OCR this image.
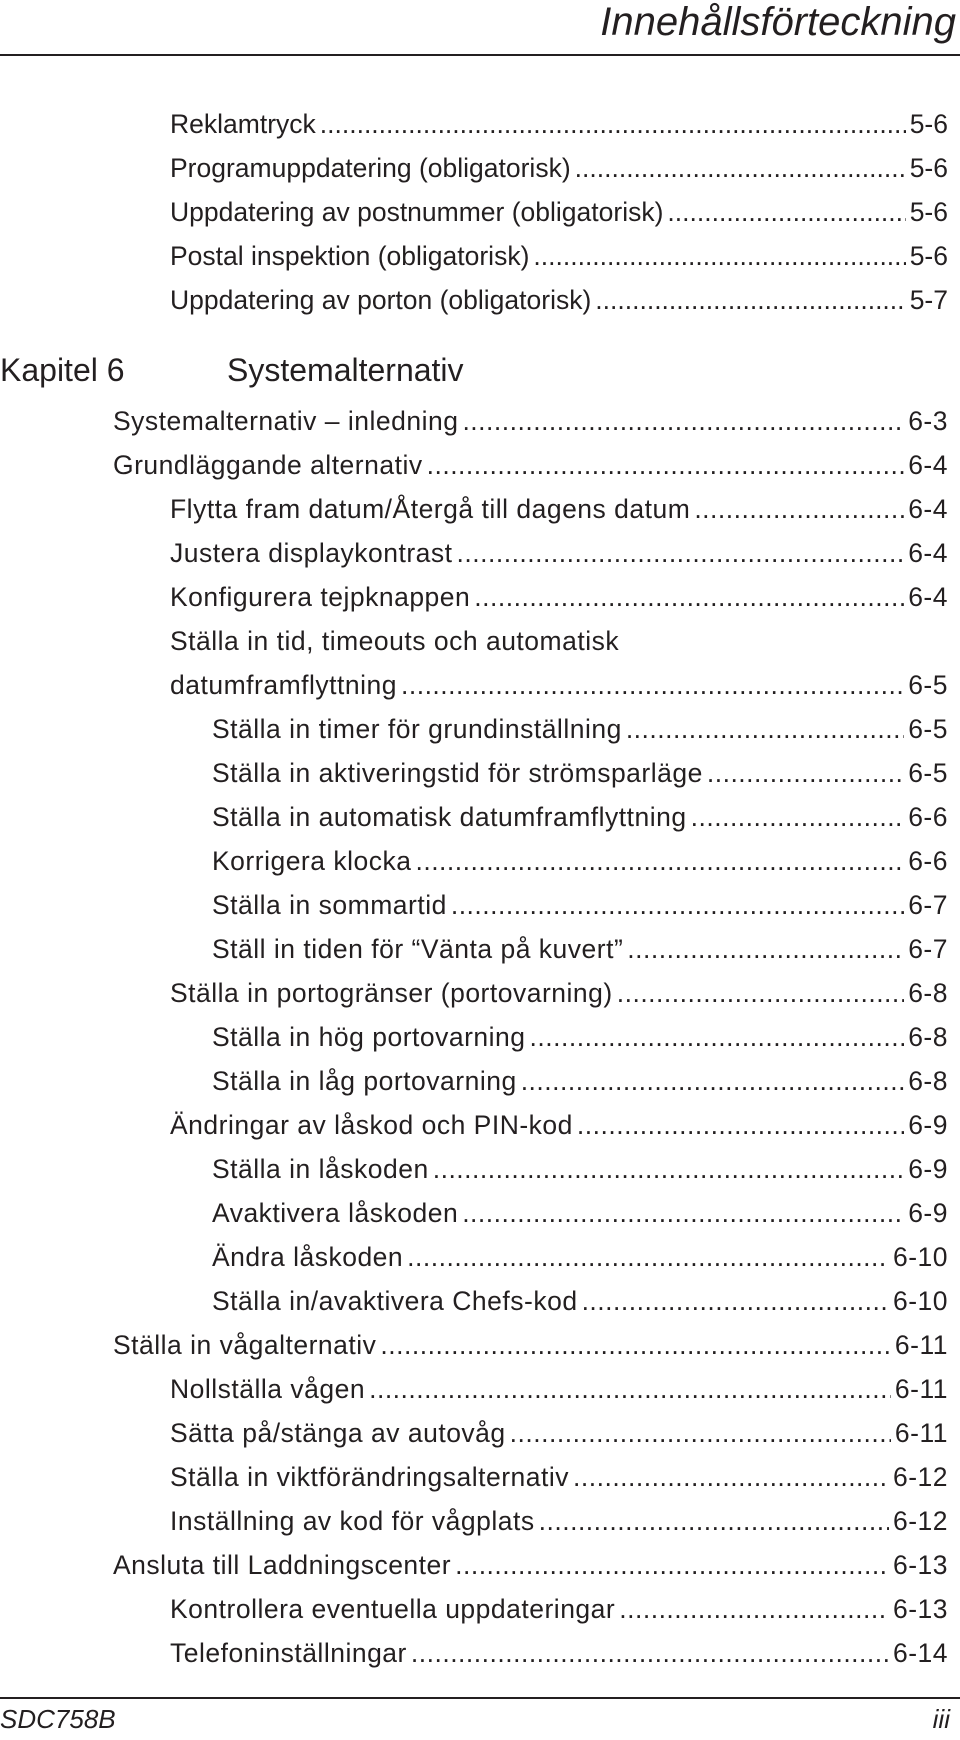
Innehållsförteckning
Reklamtryck .....	5-6
Programuppdatering (obligatorisk) .....	5-6
Uppdatering av postnummer (obligatorisk) .....	5-6
Postal inspektion (obligatorisk) .....	5-6
Uppdatering av porton (obligatorisk) .....	5-7
Kapitel 6	Systemalternativ
Systemalternativ – inledning .....	6-3
Grundläggande alternativ .....	6-4
Flytta fram datum/Återgå till dagens datum .....	6-4
Justera displaykontrast .....	6-4
Konfigurera tejpknappen .....	6-4
Ställa in tid, timeouts och automatisk
datumframflyttning .....	6-5
Ställa in timer för grundinställning .....	6-5
Ställa in aktiveringstid för strömsparläge .....	6-5
Ställa in automatisk datumframflyttning .....	6-6
Korrigera klocka .....	6-6
Ställa in sommartid .....	6-7
Ställ in tiden för “Vänta på kuvert” .....	6-7
Ställa in portogränser (portovarning) .....	6-8
Ställa in hög portovarning .....	6-8
Ställa in låg portovarning .....	6-8
Ändringar av låskod och PIN-kod .....	6-9
Ställa in låskoden .....	6-9
Avaktivera låskoden .....	6-9
Ändra låskoden .....	6-10
Ställa in/avaktivera Chefs-kod .....	6-10
Ställa in vågalternativ .....	6-11
Nollställa vågen .....	6-11
Sätta på/stänga av autovåg .....	6-11
Ställa in viktförändringsalternativ .....	6-12
Inställning av kod för vågplats .....	6-12
Ansluta till Laddningscenter .....	6-13
Kontrollera eventuella uppdateringar .....	6-13
Telefoninställningar .....	6-14
SDC758B	iii
